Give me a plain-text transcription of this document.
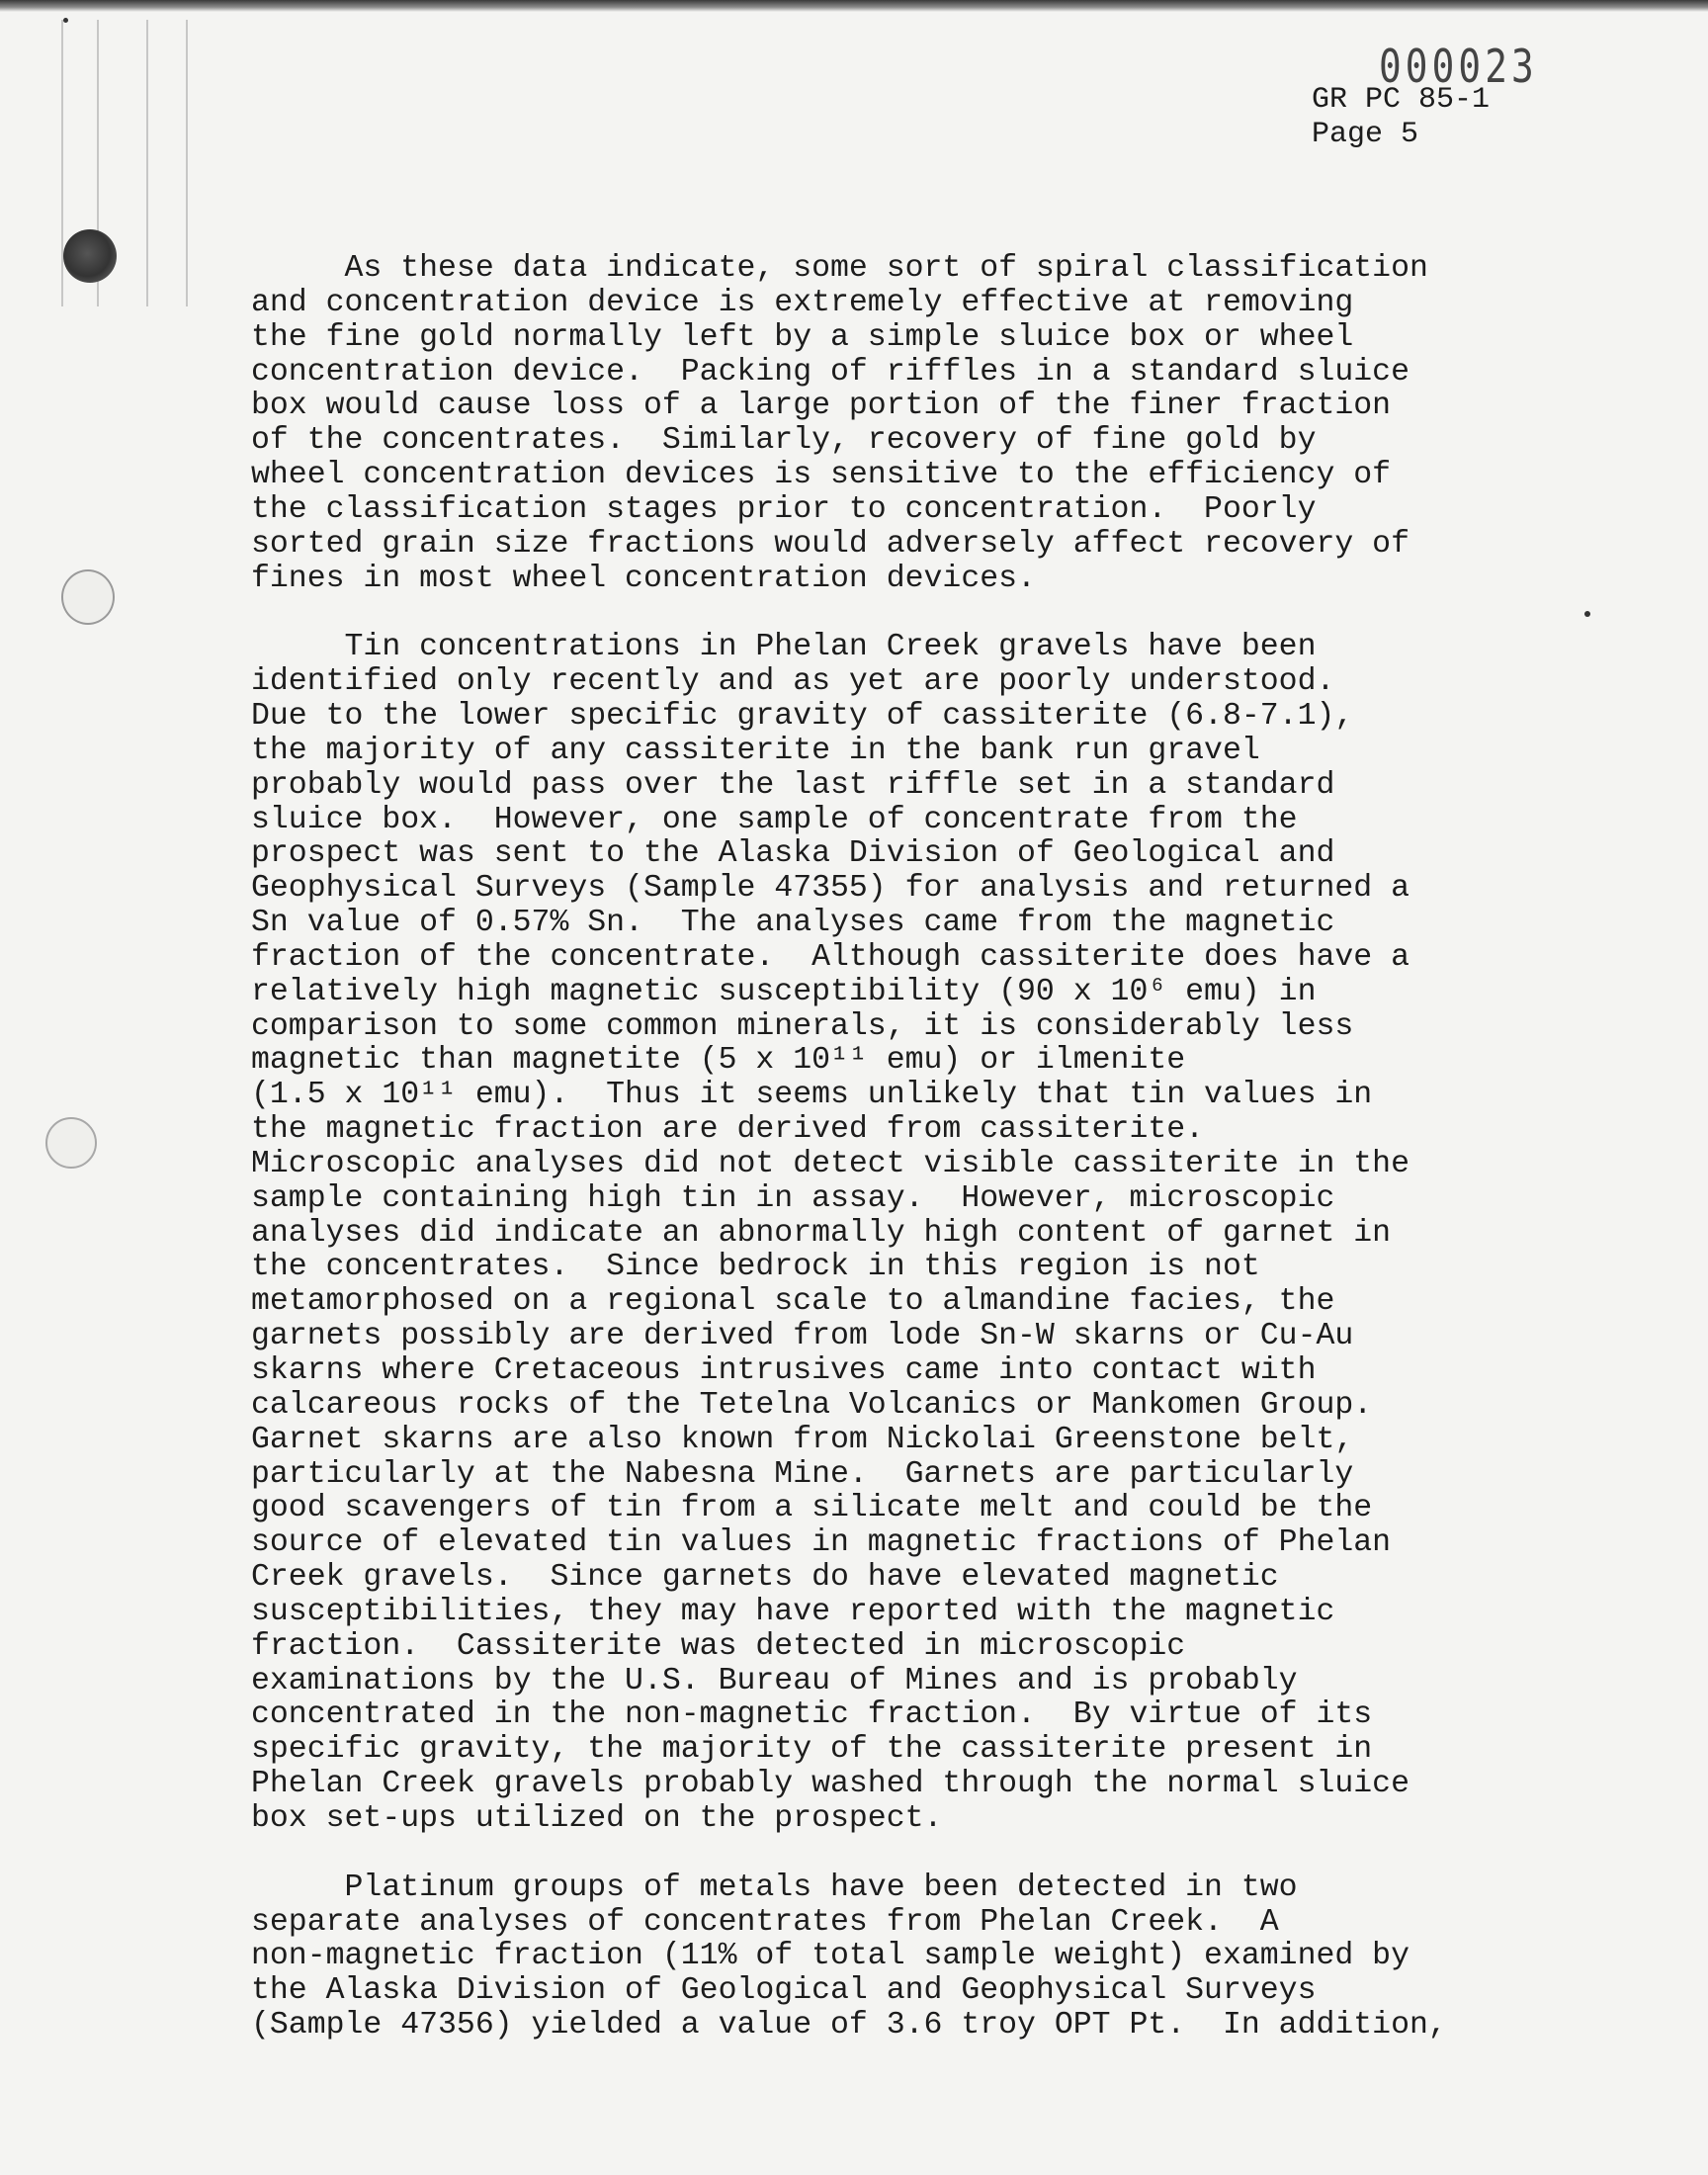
000023
GR PC 85-1
Page 5
As these data indicate, some sort of spiral classification
and concentration device is extremely effective at removing
the fine gold normally left by a simple sluice box or wheel
concentration device.  Packing of riffles in a standard sluice
box would cause loss of a large portion of the finer fraction
of the concentrates.  Similarly, recovery of fine gold by
wheel concentration devices is sensitive to the efficiency of
the classification stages prior to concentration.  Poorly
sorted grain size fractions would adversely affect recovery of
fines in most wheel concentration devices.
Tin concentrations in Phelan Creek gravels have been
identified only recently and as yet are poorly understood.
Due to the lower specific gravity of cassiterite (6.8-7.1),
the majority of any cassiterite in the bank run gravel
probably would pass over the last riffle set in a standard
sluice box.  However, one sample of concentrate from the
prospect was sent to the Alaska Division of Geological and
Geophysical Surveys (Sample 47355) for analysis and returned a
Sn value of 0.57% Sn.  The analyses came from the magnetic
fraction of the concentrate.  Although cassiterite does have a
relatively high magnetic susceptibility (90 x 10⁶ emu) in
comparison to some common minerals, it is considerably less
magnetic than magnetite (5 x 10¹¹ emu) or ilmenite
(1.5 x 10¹¹ emu).  Thus it seems unlikely that tin values in
the magnetic fraction are derived from cassiterite.
Microscopic analyses did not detect visible cassiterite in the
sample containing high tin in assay.  However, microscopic
analyses did indicate an abnormally high content of garnet in
the concentrates.  Since bedrock in this region is not
metamorphosed on a regional scale to almandine facies, the
garnets possibly are derived from lode Sn-W skarns or Cu-Au
skarns where Cretaceous intrusives came into contact with
calcareous rocks of the Tetelna Volcanics or Mankomen Group.
Garnet skarns are also known from Nickolai Greenstone belt,
particularly at the Nabesna Mine.  Garnets are particularly
good scavengers of tin from a silicate melt and could be the
source of elevated tin values in magnetic fractions of Phelan
Creek gravels.  Since garnets do have elevated magnetic
susceptibilities, they may have reported with the magnetic
fraction.  Cassiterite was detected in microscopic
examinations by the U.S. Bureau of Mines and is probably
concentrated in the non-magnetic fraction.  By virtue of its
specific gravity, the majority of the cassiterite present in
Phelan Creek gravels probably washed through the normal sluice
box set-ups utilized on the prospect.
Platinum groups of metals have been detected in two
separate analyses of concentrates from Phelan Creek.  A
non-magnetic fraction (11% of total sample weight) examined by
the Alaska Division of Geological and Geophysical Surveys
(Sample 47356) yielded a value of 3.6 troy OPT Pt.  In addition,
